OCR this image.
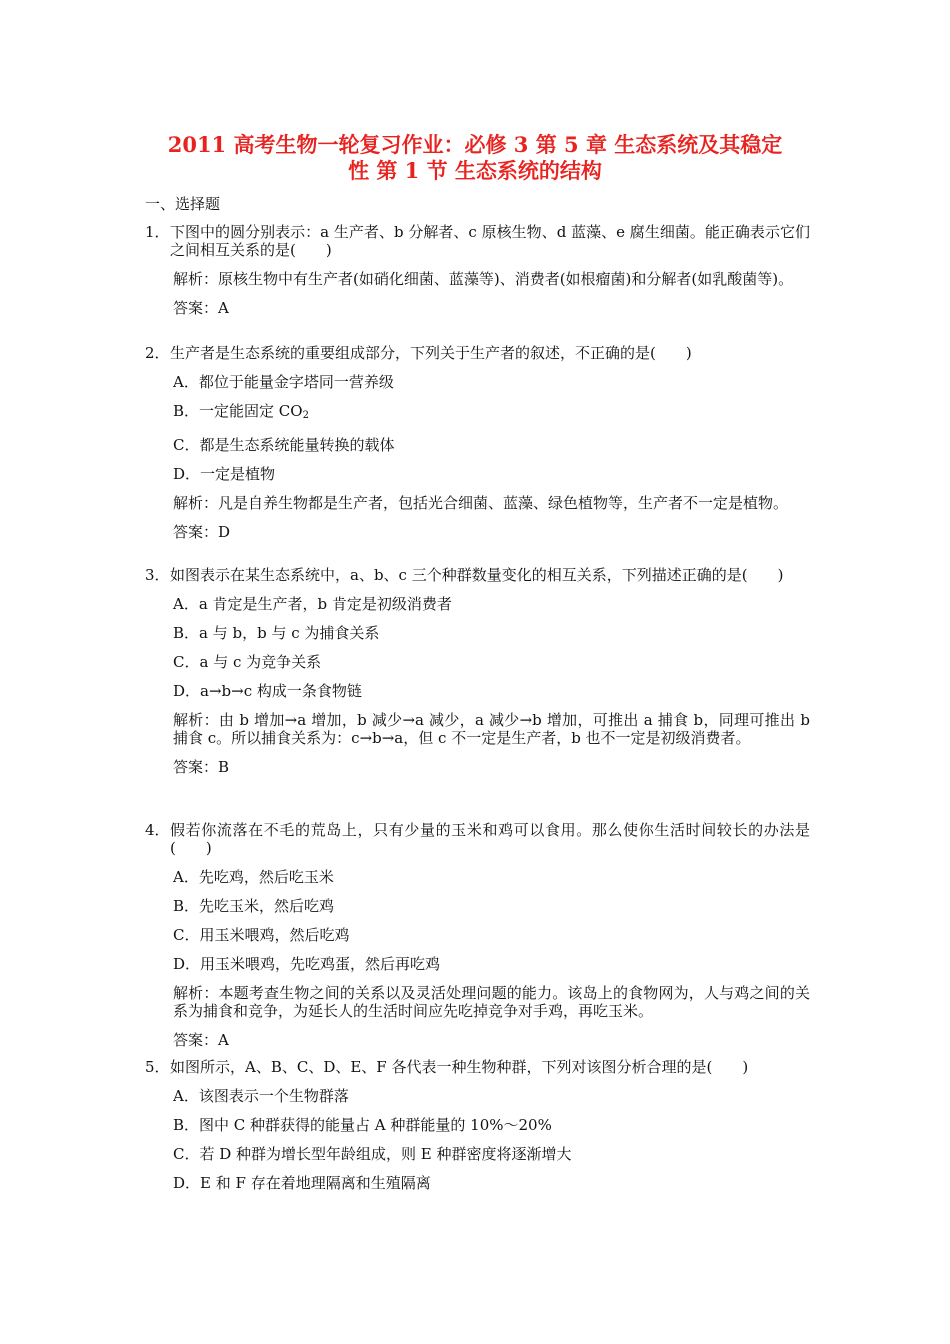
2011 高考生物一轮复习作业：必修 3 第 5 章 生态系统及其稳定
性 第 1 节 生态系统的结构
一、选择题
1． 下图中的圆分别表示：a 生产者、b 分解者、c 原核生物、d 蓝藻、e 腐生细菌。能正确表示它们之间相互关系的是(　　)
解析：原核生物中有生产者(如硝化细菌、蓝藻等)、消费者(如根瘤菌)和分解者(如乳酸菌等)。
答案：A
2． 生产者是生态系统的重要组成部分，下列关于生产者的叙述，不正确的是(　　)
A．都位于能量金字塔同一营养级
B．一定能固定 $CO_2$
C．都是生态系统能量转换的载体
D．一定是植物
解析：凡是自养生物都是生产者，包括光合细菌、蓝藻、绿色植物等，生产者不一定是植物。
答案：D
3． 如图表示在某生态系统中，a、b、c 三个种群数量变化的相互关系，下列描述正确的是(　　)
A．a 肯定是生产者，b 肯定是初级消费者
B．a 与 b，b 与 c 为捕食关系
C．a 与 c 为竞争关系
D．a→b→c 构成一条食物链
解析：由 b 增加→a 增加，b 减少→a 减少，a 减少→b 增加，可推出 a 捕食 b，同理可推出 b 捕食 c。所以捕食关系为：c→b→a，但 c 不一定是生产者，b 也不一定是初级消费者。
答案：B
4． 假若你流落在不毛的荒岛上，只有少量的玉米和鸡可以食用。那么使你生活时间较长的办法是(　　)
A．先吃鸡，然后吃玉米
B．先吃玉米，然后吃鸡
C．用玉米喂鸡，然后吃鸡
D．用玉米喂鸡，先吃鸡蛋，然后再吃鸡
解析：本题考查生物之间的关系以及灵活处理问题的能力。该岛上的食物网为，人与鸡之间的关系为捕食和竞争，为延长人的生活时间应先吃掉竞争对手鸡，再吃玉米。
答案：A
5． 如图所示，A、B、C、D、E、F 各代表一种生物种群，下列对该图分析合理的是(　　)
A．该图表示一个生物群落
B．图中 C 种群获得的能量占 A 种群能量的 10%～20%
C．若 D 种群为增长型年龄组成，则 E 种群密度将逐渐增大
D．E 和 F 存在着地理隔离和生殖隔离
